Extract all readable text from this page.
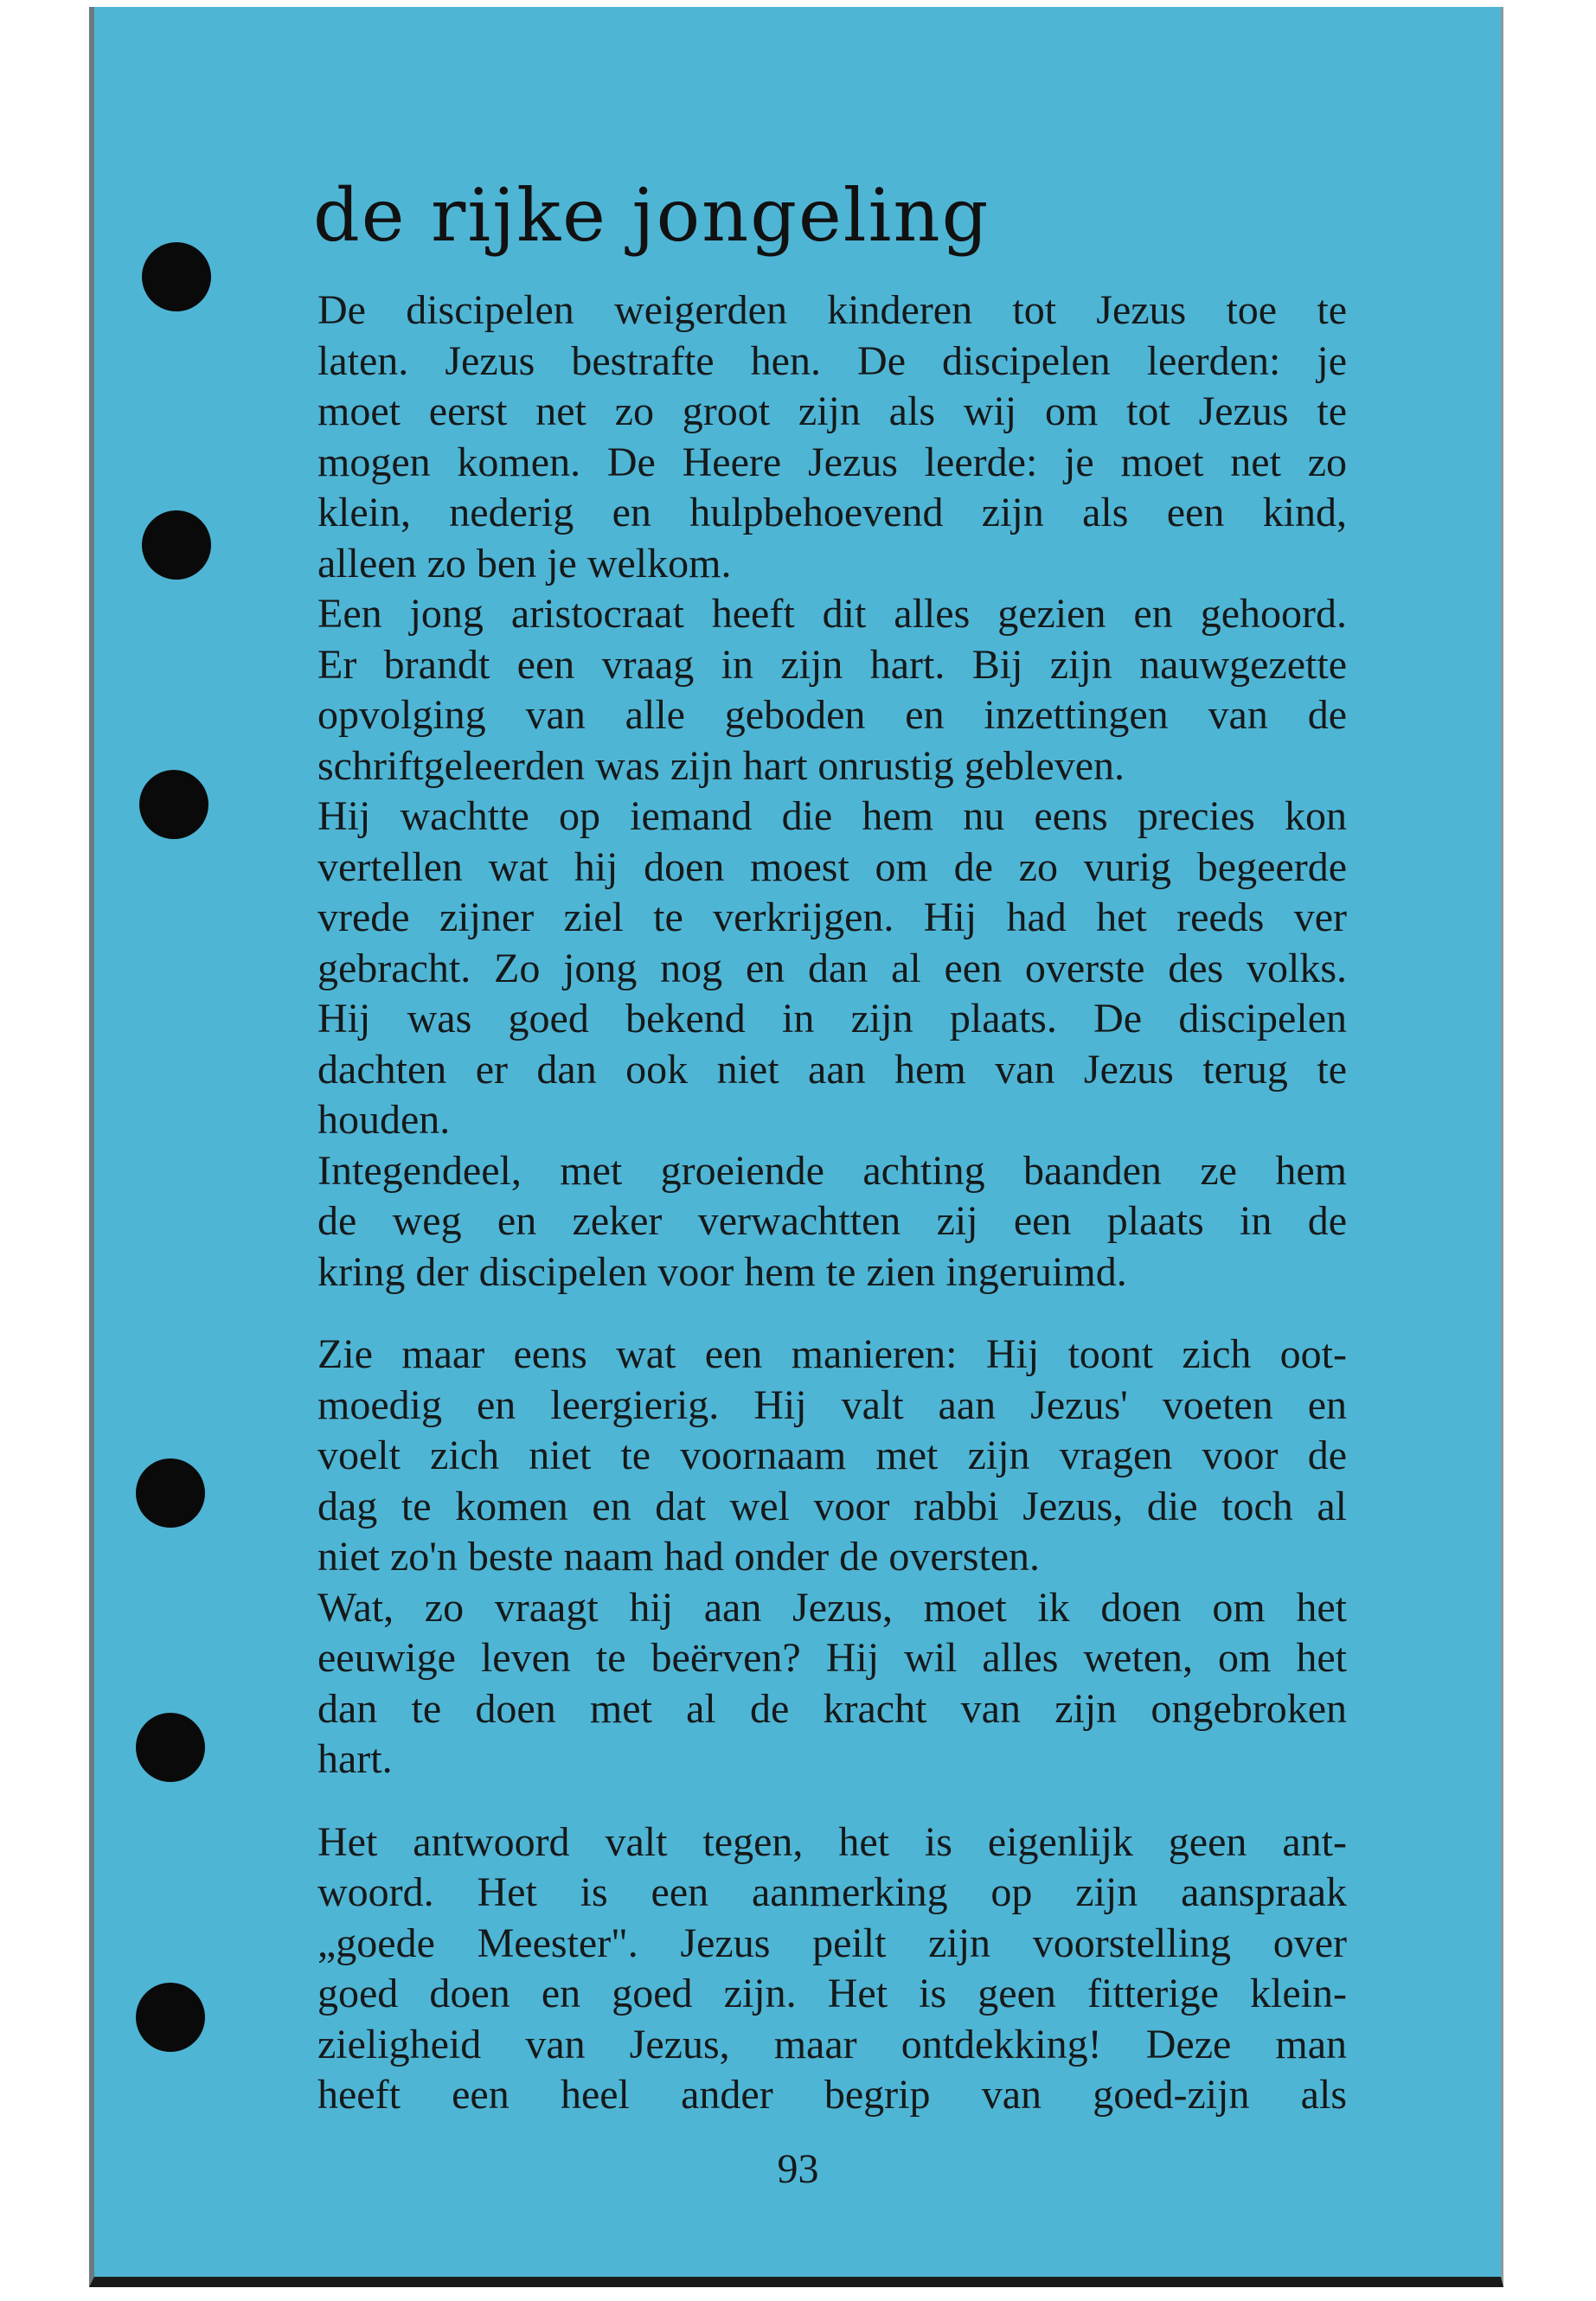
de rijke jongeling
De discipelen weigerden kinderen tot Jezus toe te
laten. Jezus bestrafte hen. De discipelen leerden: je
moet eerst net zo groot zijn als wij om tot Jezus te
mogen komen. De Heere Jezus leerde: je moet net zo
klein, nederig en hulpbehoevend zijn als een kind,
alleen zo ben je welkom.
Een jong aristocraat heeft dit alles gezien en gehoord.
Er brandt een vraag in zijn hart. Bij zijn nauwgezette
opvolging van alle geboden en inzettingen van de
schriftgeleerden was zijn hart onrustig gebleven.
Hij wachtte op iemand die hem nu eens precies kon
vertellen wat hij doen moest om de zo vurig begeerde
vrede zijner ziel te verkrijgen. Hij had het reeds ver
gebracht. Zo jong nog en dan al een overste des volks.
Hij was goed bekend in zijn plaats. De discipelen
dachten er dan ook niet aan hem van Jezus terug te
houden.
Integendeel, met groeiende achting baanden ze hem
de weg en zeker verwachtten zij een plaats in de
kring der discipelen voor hem te zien ingeruimd.
Zie maar eens wat een manieren: Hij toont zich oot-
moedig en leergierig. Hij valt aan Jezus' voeten en
voelt zich niet te voornaam met zijn vragen voor de
dag te komen en dat wel voor rabbi Jezus, die toch al
niet zo'n beste naam had onder de oversten.
Wat, zo vraagt hij aan Jezus, moet ik doen om het
eeuwige leven te beërven? Hij wil alles weten, om het
dan te doen met al de kracht van zijn ongebroken
hart.
Het antwoord valt tegen, het is eigenlijk geen ant-
woord. Het is een aanmerking op zijn aanspraak
„goede Meester". Jezus peilt zijn voorstelling over
goed doen en goed zijn. Het is geen fitterige klein-
zieligheid van Jezus, maar ontdekking! Deze man
heeft een heel ander begrip van goed-zijn als
93
